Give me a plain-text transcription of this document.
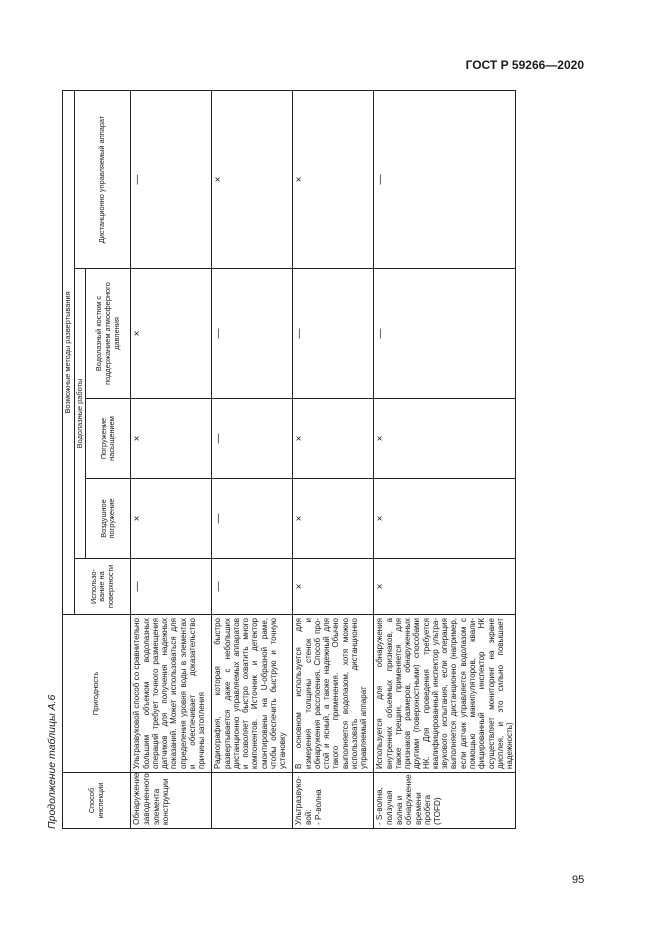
ГОСТ Р 59266—2020
Продолжение таблицы А.6	Способ инспекции	Пригодность	Возможные методы развертывания				
		Использование на поверхности	Водолазные работы			Дистанционно управляемый аппарат
			Воздушное погружение	Погружение насыщением	Водолазный костюм с поддержанием атмосферного давления	
Обнаружение заводненного элемента конструкции	Ультразвуковой способ со сравнительно большим объемом водолазных операций требует точного размещения датчиков для получения надежных показаний. Может использоваться для определения уровня воды в элементах и обеспечивает доказательство причины затопления	—	×	×	×	—
	Радиография, которая быстро развертывается даже с небольших дистанционно управляемых аппаратов и позволяет быстро охватить много компонентов. Источник и детектор смонтированы на U-образной раме, чтобы обеспечить быструю и точную установку	—	—	—	—	×
Ультразвуковой:
- Р-волна	В основном используется для измерения толщины стенок и обнаружения расслоения. Способ простой и ясный, а также надежный для такого применения. Обычно выполняется водолазом, хотя можно использовать дистанционно управляемый аппарат	×	×	×	—	×
- S-волна, ползучая волна и обнаружение времени пробега (TOFD)	Используется для обнаружения внутренних объемных признаков, а также трещин, применяется для признаков размеров, обнаруженных другими (поверхностными) способами НК. Для проведения требуется квалифицированный инспектор ультразвукового испытания, если операция выполняется дистанционно (например, если датчик управляется водолазом с помощью манипуляторов, квалифицированный инспектор НК осуществляет мониторинг на экране дисплея, и это сильно повышает надежность)	×	×	×	—	—
95
